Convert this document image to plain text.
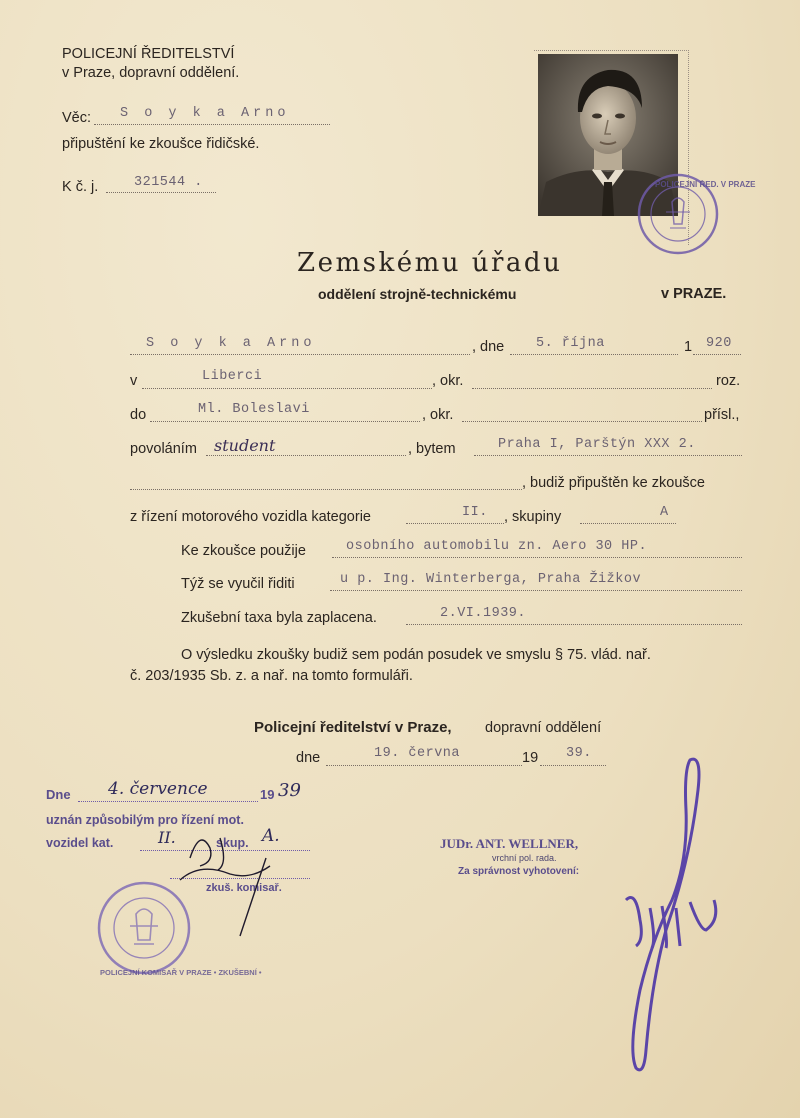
POLICEJNÍ ŘEDITELSTVÍ
v Praze, dopravní oddělení.
Věc: S o y k a Arno
připuštění ke zkoušce řidičské.
K č. j.	321544 .	POLICEJNÍ ŘED. V PRAZE
Zemskému úřadu
oddělení strojně-technickému	v PRAZE.
S o y k a Arno	, dne 5. října	1 920
v	Liberci	, okr.	roz.
do	Ml. Boleslavi	, okr.	přísl.,
povoláním student	, bytem	Praha I, Parštýn XXX 2.
, budiž připuštěn ke zkoušce
z řízení motorového vozidla kategorie	II. , skupiny	A
Ke zkoušce použije	osobního automobilu zn. Aero 30 HP.
Týž se vyučil řiditi	u p. Ing. Winterberga, Praha Žižkov
Zkušební taxa byla zaplacena.	2.VI.1939.
O výsledku zkoušky budiž sem podán posudek ve smyslu § 75. vlád. nař.
č. 203/1935 Sb. z. a nař. na tomto formuláři.
Policejní ředitelství v Praze, dopravní oddělení
dne	19. června	19 39.
Dne 4. července	19 39
uznán způsobilým pro řízení mot.
vozidel kat.	II.	skup. A.
zkuš. komisař.
POLICEJNÍ KOMISAŘ V PRAZE • ZKUŠEBNÍ •
JUDr. ANT. WELLNER,
vrchní pol. rada.
Za správnost vyhotovení:
